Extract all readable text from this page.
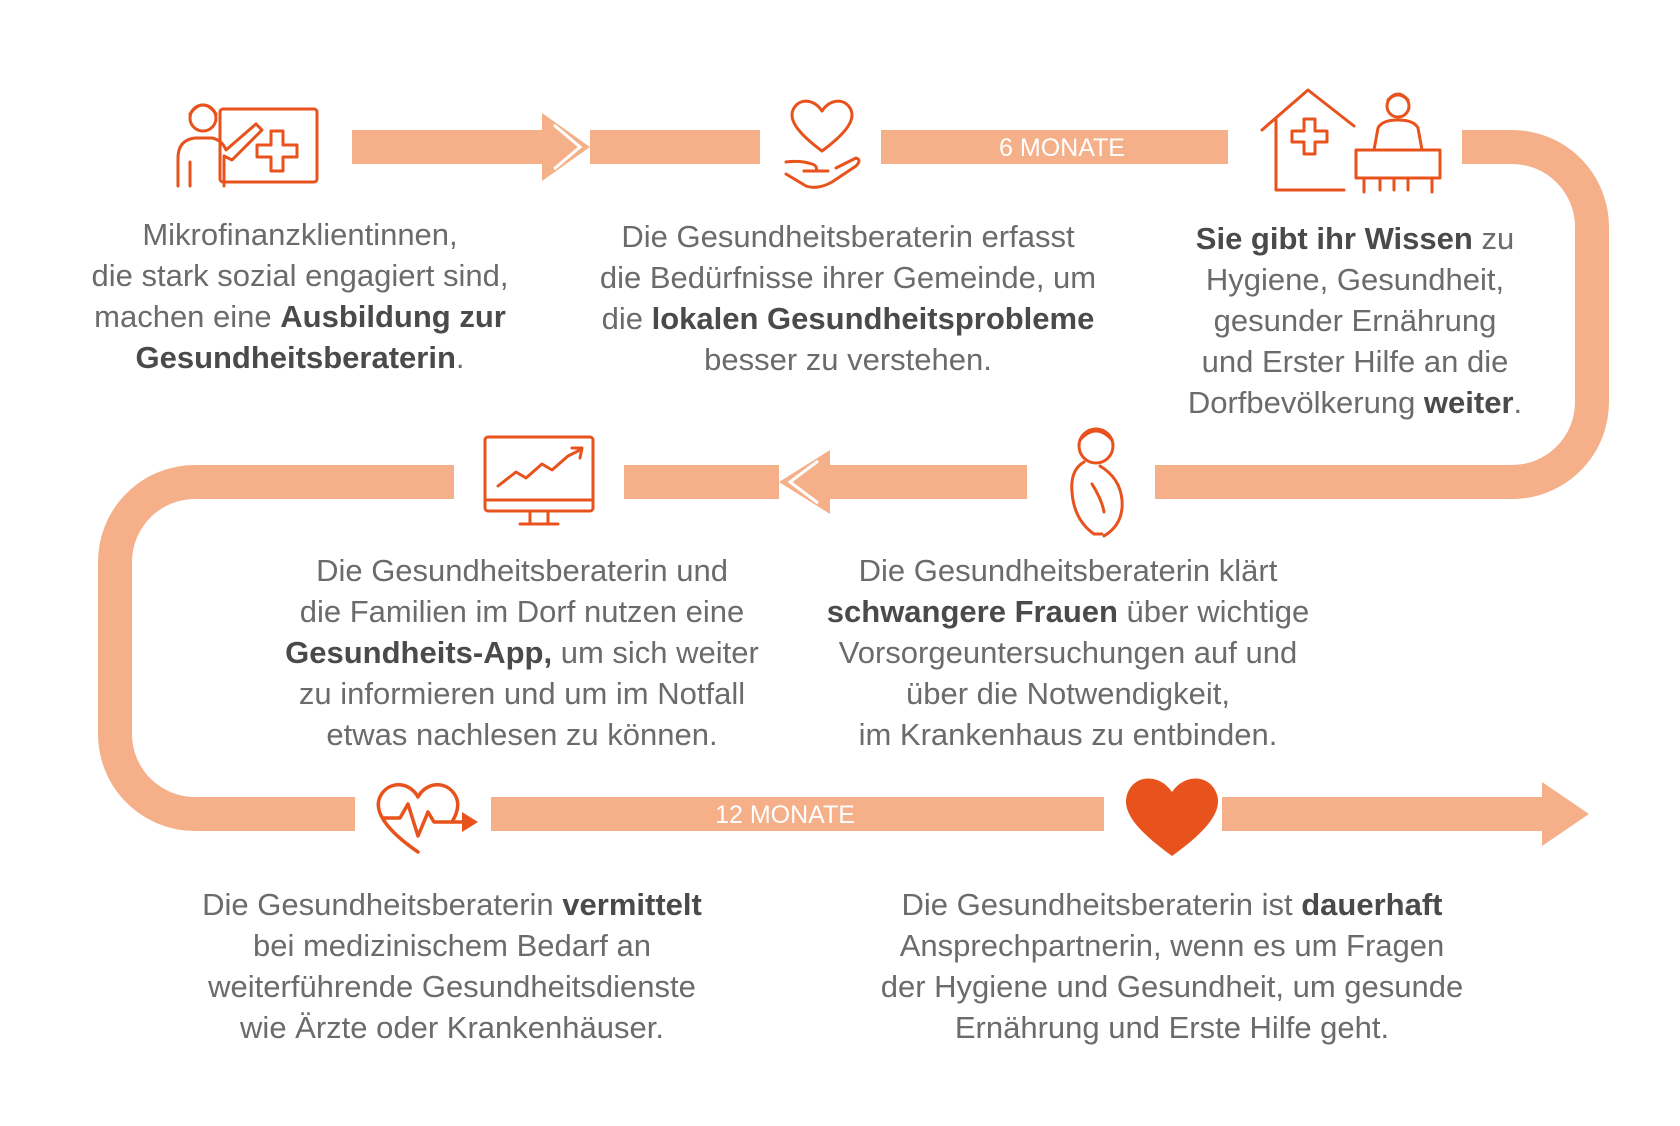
6 MONATE
12 MONATE
Mikrofinanzklientinnen,
die stark sozial engagiert sind,
machen eine Ausbildung zur
Gesundheitsberaterin.
Die Gesundheitsberaterin erfasst
die Bedürfnisse ihrer Gemeinde, um
die lokalen Gesundheitsprobleme
besser zu verstehen.
Sie gibt ihr Wissen zu
Hygiene, Gesundheit,
gesunder Ernährung
und Erster Hilfe an die
Dorfbevölkerung weiter.
Die Gesundheitsberaterin klärt
schwangere Frauen über wichtige
Vorsorgeuntersuchungen auf und
über die Notwendigkeit,
im Krankenhaus zu entbinden.
Die Gesundheitsberaterin und
die Familien im Dorf nutzen eine
Gesundheits-App, um sich weiter
zu informieren und um im Notfall
etwas nachlesen zu können.
Die Gesundheitsberaterin vermittelt
bei medizinischem Bedarf an
weiterführende Gesundheitsdienste
wie Ärzte oder Krankenhäuser.
Die Gesundheitsberaterin ist dauerhaft
Ansprechpartnerin, wenn es um Fragen
der Hygiene und Gesundheit, um gesunde
Ernährung und Erste Hilfe geht.
